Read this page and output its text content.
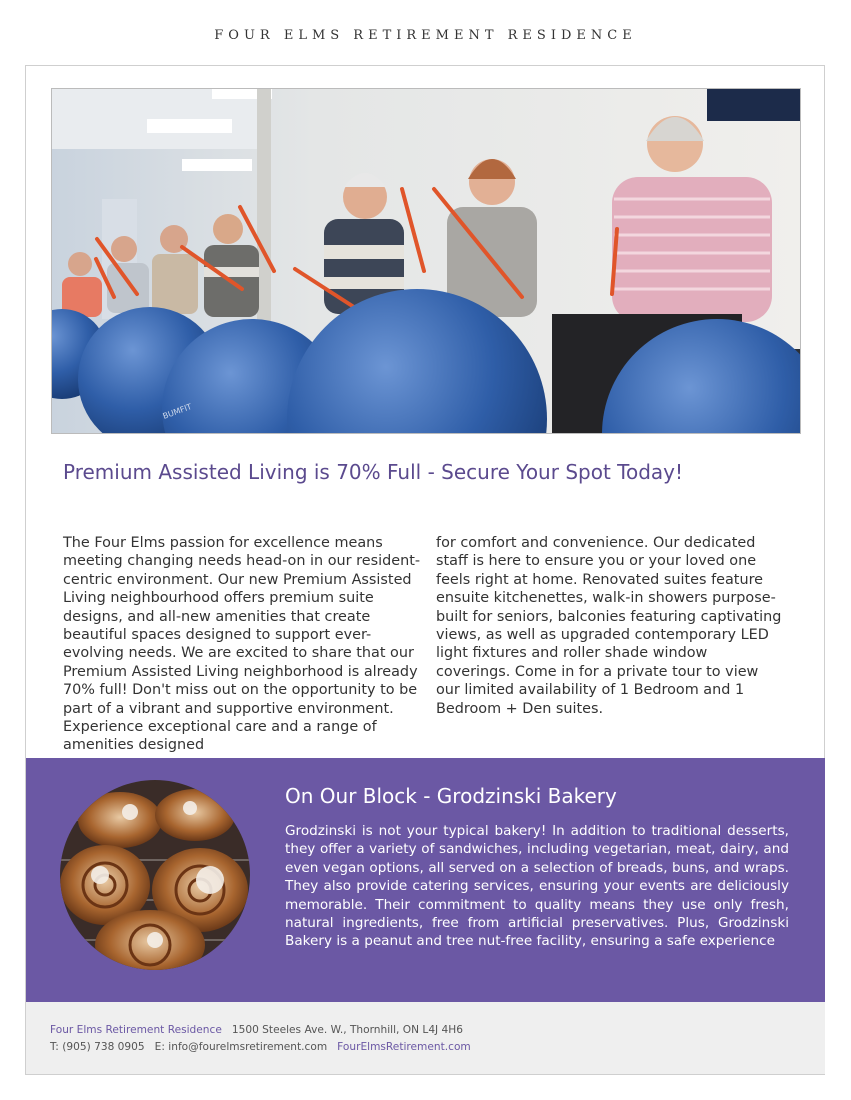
FOUR ELMS RETIREMENT RESIDENCE
BUMFIT
Premium Assisted Living is 70% Full - Secure Your Spot Today!

The Four Elms passion for excellence means meeting changing needs head-on in our resident-centric environment. Our new Premium Assisted Living neighbourhood offers premium suite designs, and all-new amenities that create beautiful spaces designed to support ever-evolving needs. We are excited to share that our Premium Assisted Living neighborhood is already 70% full! Don't miss out on the opportunity to be part of a vibrant and supportive environment. Experience exceptional care and a range of amenities designed

for comfort and convenience. Our dedicated staff is here to ensure you or your loved one feels right at home. Renovated suites feature ensuite kitchenettes, walk-in showers purpose-built for seniors, balconies featuring captivating views, as well as upgraded contemporary LED light fixtures and roller shade window coverings. Come in for a private tour to view our limited availability of 1 Bedroom and 1 Bedroom + Den suites.

On Our Block - Grodzinski Bakery

Grodzinski is not your typical bakery! In addition to traditional desserts, they offer a variety of sandwiches, including vegetarian, meat, dairy, and even vegan options, all served on a selection of breads, buns, and wraps. They also provide catering services, ensuring your events are deliciously memorable. Their commitment to quality means they use only fresh, natural ingredients, free from artificial preservatives. Plus, Grodzinski Bakery is a peanut and tree nut-free facility, ensuring a safe experience

Four Elms Retirement Residence 1500 Steeles Ave. W., Thornhill, ON L4J 4H6
T: (905) 738 0905 E: info@fourelmsretirement.com FourElmsRetirement.com
